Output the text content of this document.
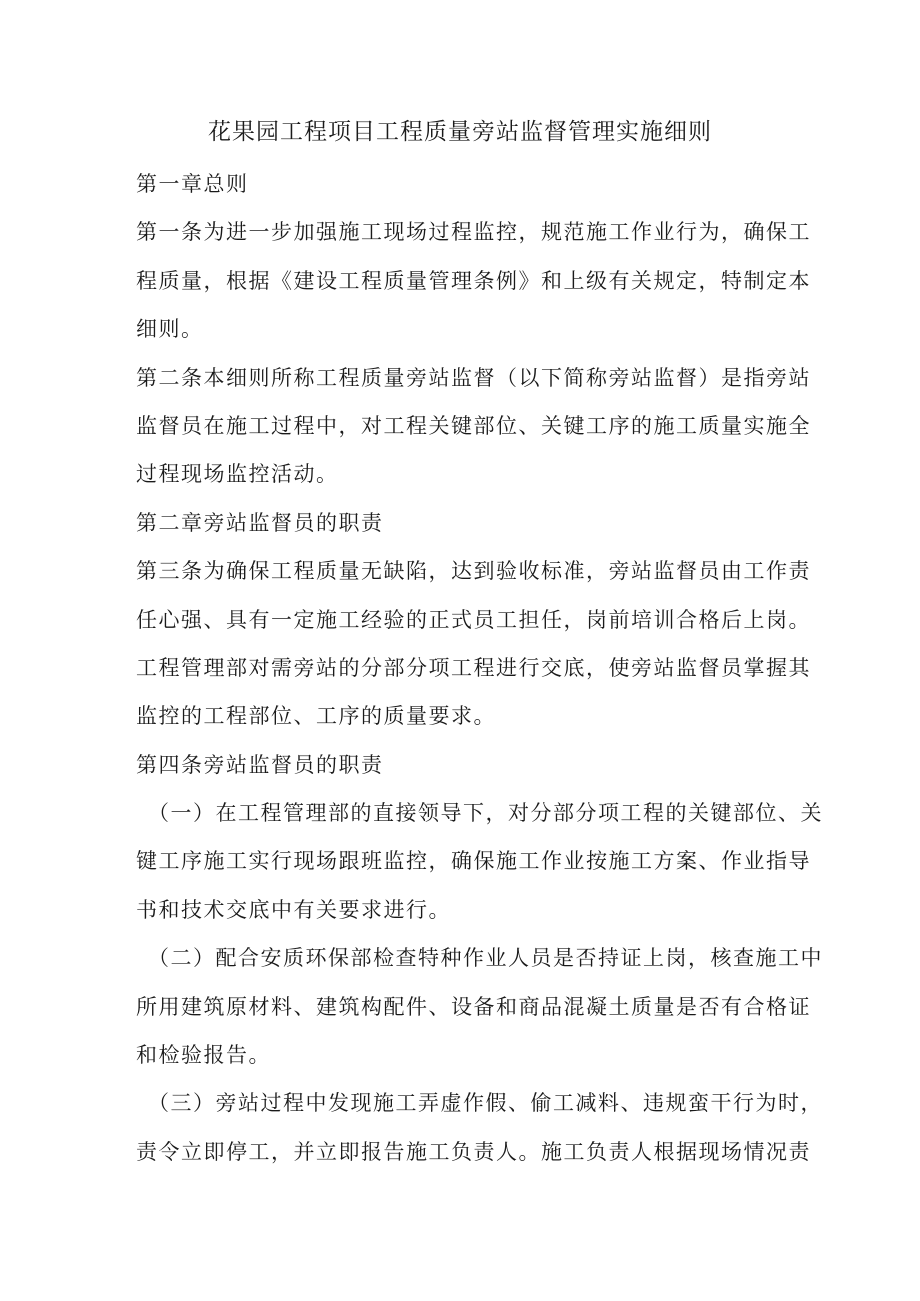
花果园工程项目工程质量旁站监督管理实施细则
第一章总则
第一条为进一步加强施工现场过程监控，规范施工作业行为，确保工
程质量，根据《建设工程质量管理条例》和上级有关规定，特制定本
细则。
第二条本细则所称工程质量旁站监督（以下简称旁站监督）是指旁站
监督员在施工过程中，对工程关键部位、关键工序的施工质量实施全
过程现场监控活动。
第二章旁站监督员的职责
第三条为确保工程质量无缺陷，达到验收标准，旁站监督员由工作责
任心强、具有一定施工经验的正式员工担任，岗前培训合格后上岗。
工程管理部对需旁站的分部分项工程进行交底，使旁站监督员掌握其
监控的工程部位、工序的质量要求。
第四条旁站监督员的职责
（一）在工程管理部的直接领导下，对分部分项工程的关键部位、关
键工序施工实行现场跟班监控，确保施工作业按施工方案、作业指导
书和技术交底中有关要求进行。
（二）配合安质环保部检查特种作业人员是否持证上岗，核查施工中
所用建筑原材料、建筑构配件、设备和商品混凝土质量是否有合格证
和检验报告。
（三）旁站过程中发现施工弄虚作假、偷工减料、违规蛮干行为时，
责令立即停工，并立即报告施工负责人。施工负责人根据现场情况责
